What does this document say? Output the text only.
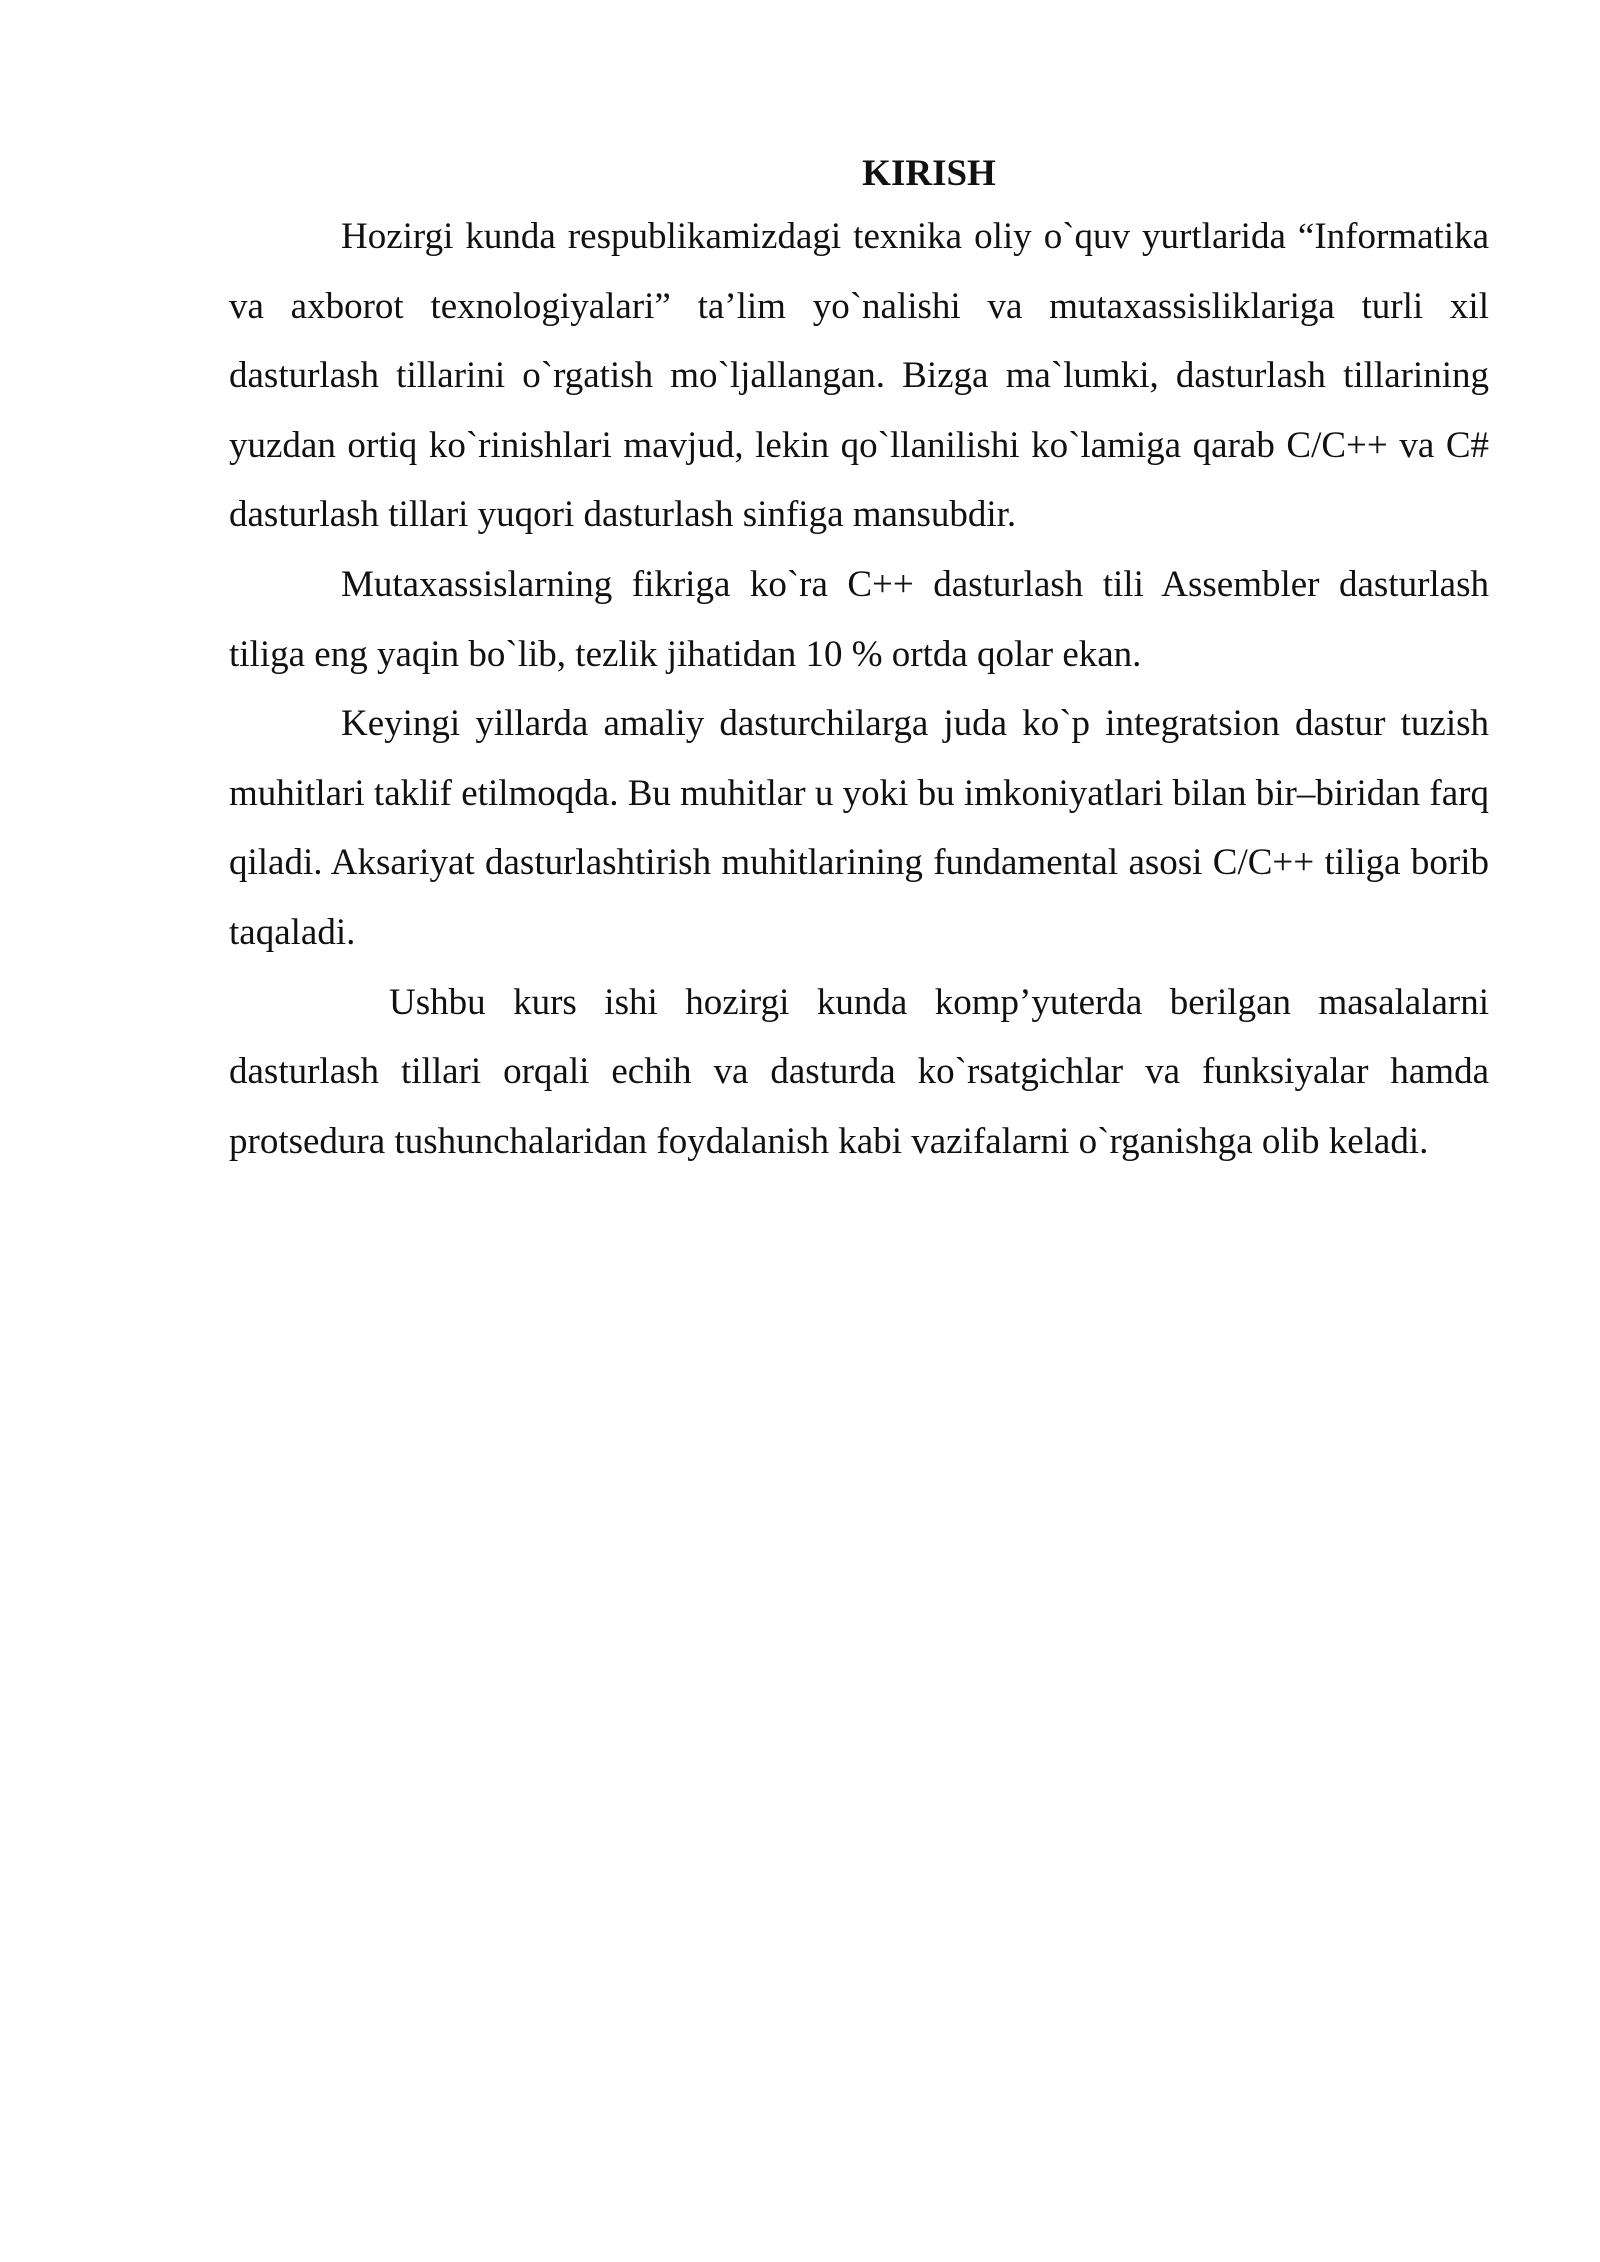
KIRISH

Hozirgi kunda respublikamizdagi texnika oliy o`quv yurtlarida “Informatika va axborot texnologiyalari” ta’lim yo`nalishi va mutaxassisliklariga turli xil dasturlash tillarini o`rgatish mo`ljallangan. Bizga ma`lumki, dasturlash tillarining yuzdan ortiq ko`rinishlari mavjud, lekin qo`llanilishi ko`lamiga qarab C/C++ va C# dasturlash tillari yuqori dasturlash sinfiga mansubdir.

Mutaxassislarning fikriga ko`ra C++ dasturlash tili Assembler dasturlash tiliga eng yaqin bo`lib, tezlik jihatidan 10 % ortda qolar ekan.

Keyingi yillarda amaliy dasturchilarga juda ko`p integratsion dastur tuzish muhitlari taklif etilmoqda. Bu muhitlar u yoki bu imkoniyatlari bilan bir–biridan farq qiladi. Aksariyat dasturlashtirish muhitlarining fundamental asosi C/C++ tiliga borib taqaladi.

Ushbu kurs ishi hozirgi kunda komp’yuterda berilgan masalalarni dasturlash tillari orqali echih va dasturda ko`rsatgichlar va funksiyalar hamda protsedura tushunchalaridan foydalanish kabi vazifalarni o`rganishga olib keladi.
